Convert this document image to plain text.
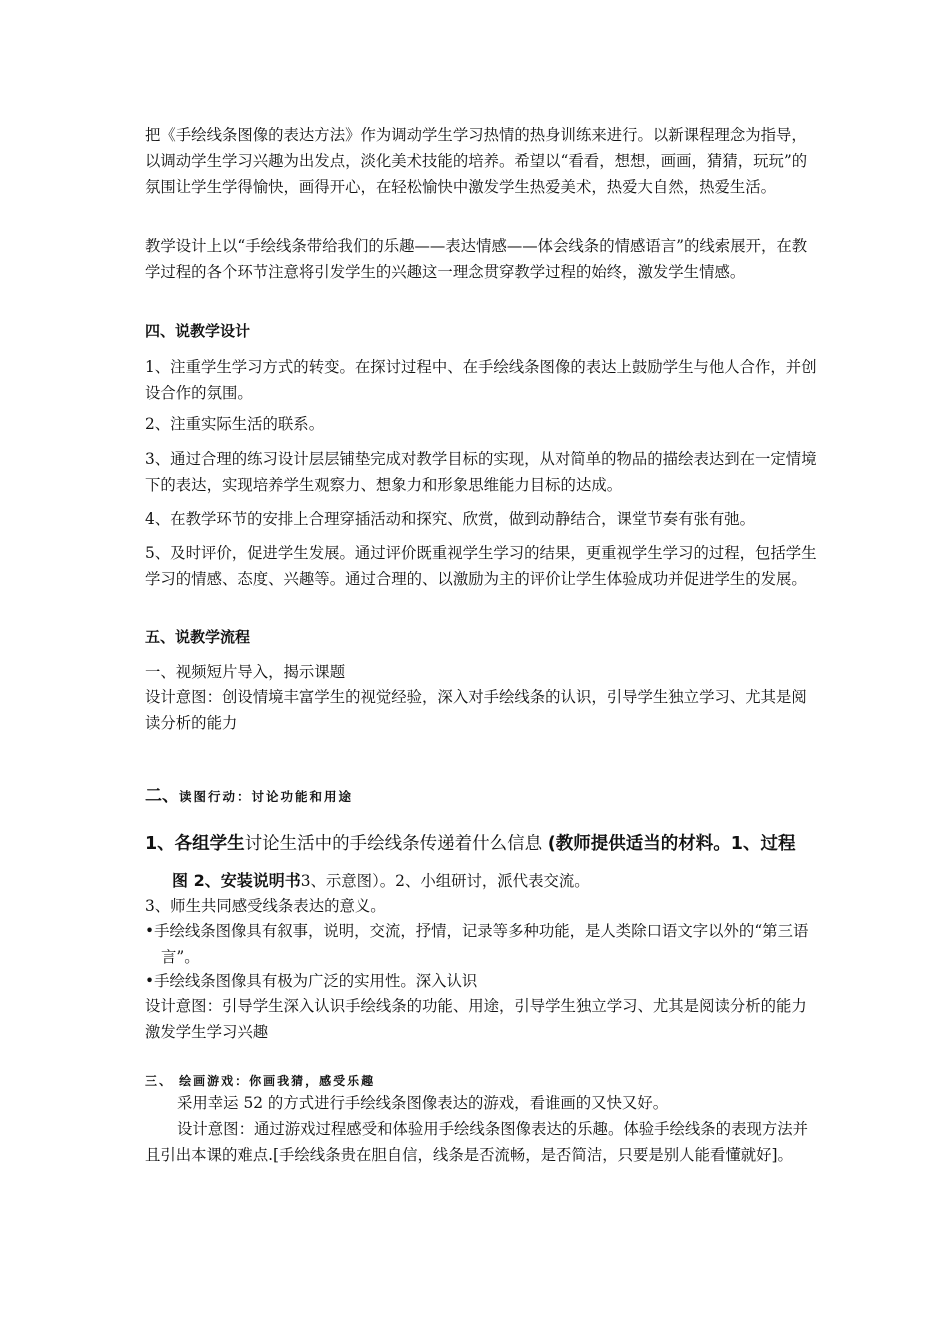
把《手绘线条图像的表达方法》作为调动学生学习热情的热身训练来进行。以新课程理念为指导，以调动学生学习兴趣为出发点，淡化美术技能的培养。希望以“看看，想想，画画，猜猜，玩玩”的氛围让学生学得愉快，画得开心，在轻松愉快中激发学生热爱美术，热爱大自然，热爱生活。

教学设计上以“手绘线条带给我们的乐趣——表达情感——体会线条的情感语言”的线索展开，在教学过程的各个环节注意将引发学生的兴趣这一理念贯穿教学过程的始终，激发学生情感。

四、说教学设计

1、注重学生学习方式的转变。在探讨过程中、在手绘线条图像的表达上鼓励学生与他人合作，并创设合作的氛围。

2、注重实际生活的联系。

3、通过合理的练习设计层层铺垫完成对教学目标的实现，从对简单的物品的描绘表达到在一定情境下的表达，实现培养学生观察力、想象力和形象思维能力目标的达成。

4、在教学环节的安排上合理穿插活动和探究、欣赏，做到动静结合，课堂节奏有张有弛。

5、及时评价，促进学生发展。通过评价既重视学生学习的结果，更重视学生学习的过程，包括学生学习的情感、态度、兴趣等。通过合理的、以激励为主的评价让学生体验成功并促进学生的发展。

五、说教学流程

一、视频短片导入，揭示课题

设计意图：创设情境丰富学生的视觉经验，深入对手绘线条的认识，引导学生独立学习、尤其是阅读分析的能力

二、读图行动：讨论功能和用途

1、各组学生讨论生活中的手绘线条传递着什么信息 (教师提供适当的材料。1、过程

图 2、安装说明书3、示意图）。2、小组研讨，派代表交流。

3、师生共同感受线条表达的意义。

•手绘线条图像具有叙事，说明，交流，抒情，记录等多种功能，是人类除口语文字以外的“第三语言”。

•手绘线条图像具有极为广泛的实用性。深入认识

设计意图：引导学生深入认识手绘线条的功能、用途，引导学生独立学习、尤其是阅读分析的能力激发学生学习兴趣

三、 绘画游戏：你画我猜，感受乐趣

采用幸运 52 的方式进行手绘线条图像表达的游戏，看谁画的又快又好。

设计意图：通过游戏过程感受和体验用手绘线条图像表达的乐趣。体验手绘线条的表现方法并且引出本课的难点.[手绘线条贵在胆自信，线条是否流畅，是否简洁，只要是别人能看懂就好]。
